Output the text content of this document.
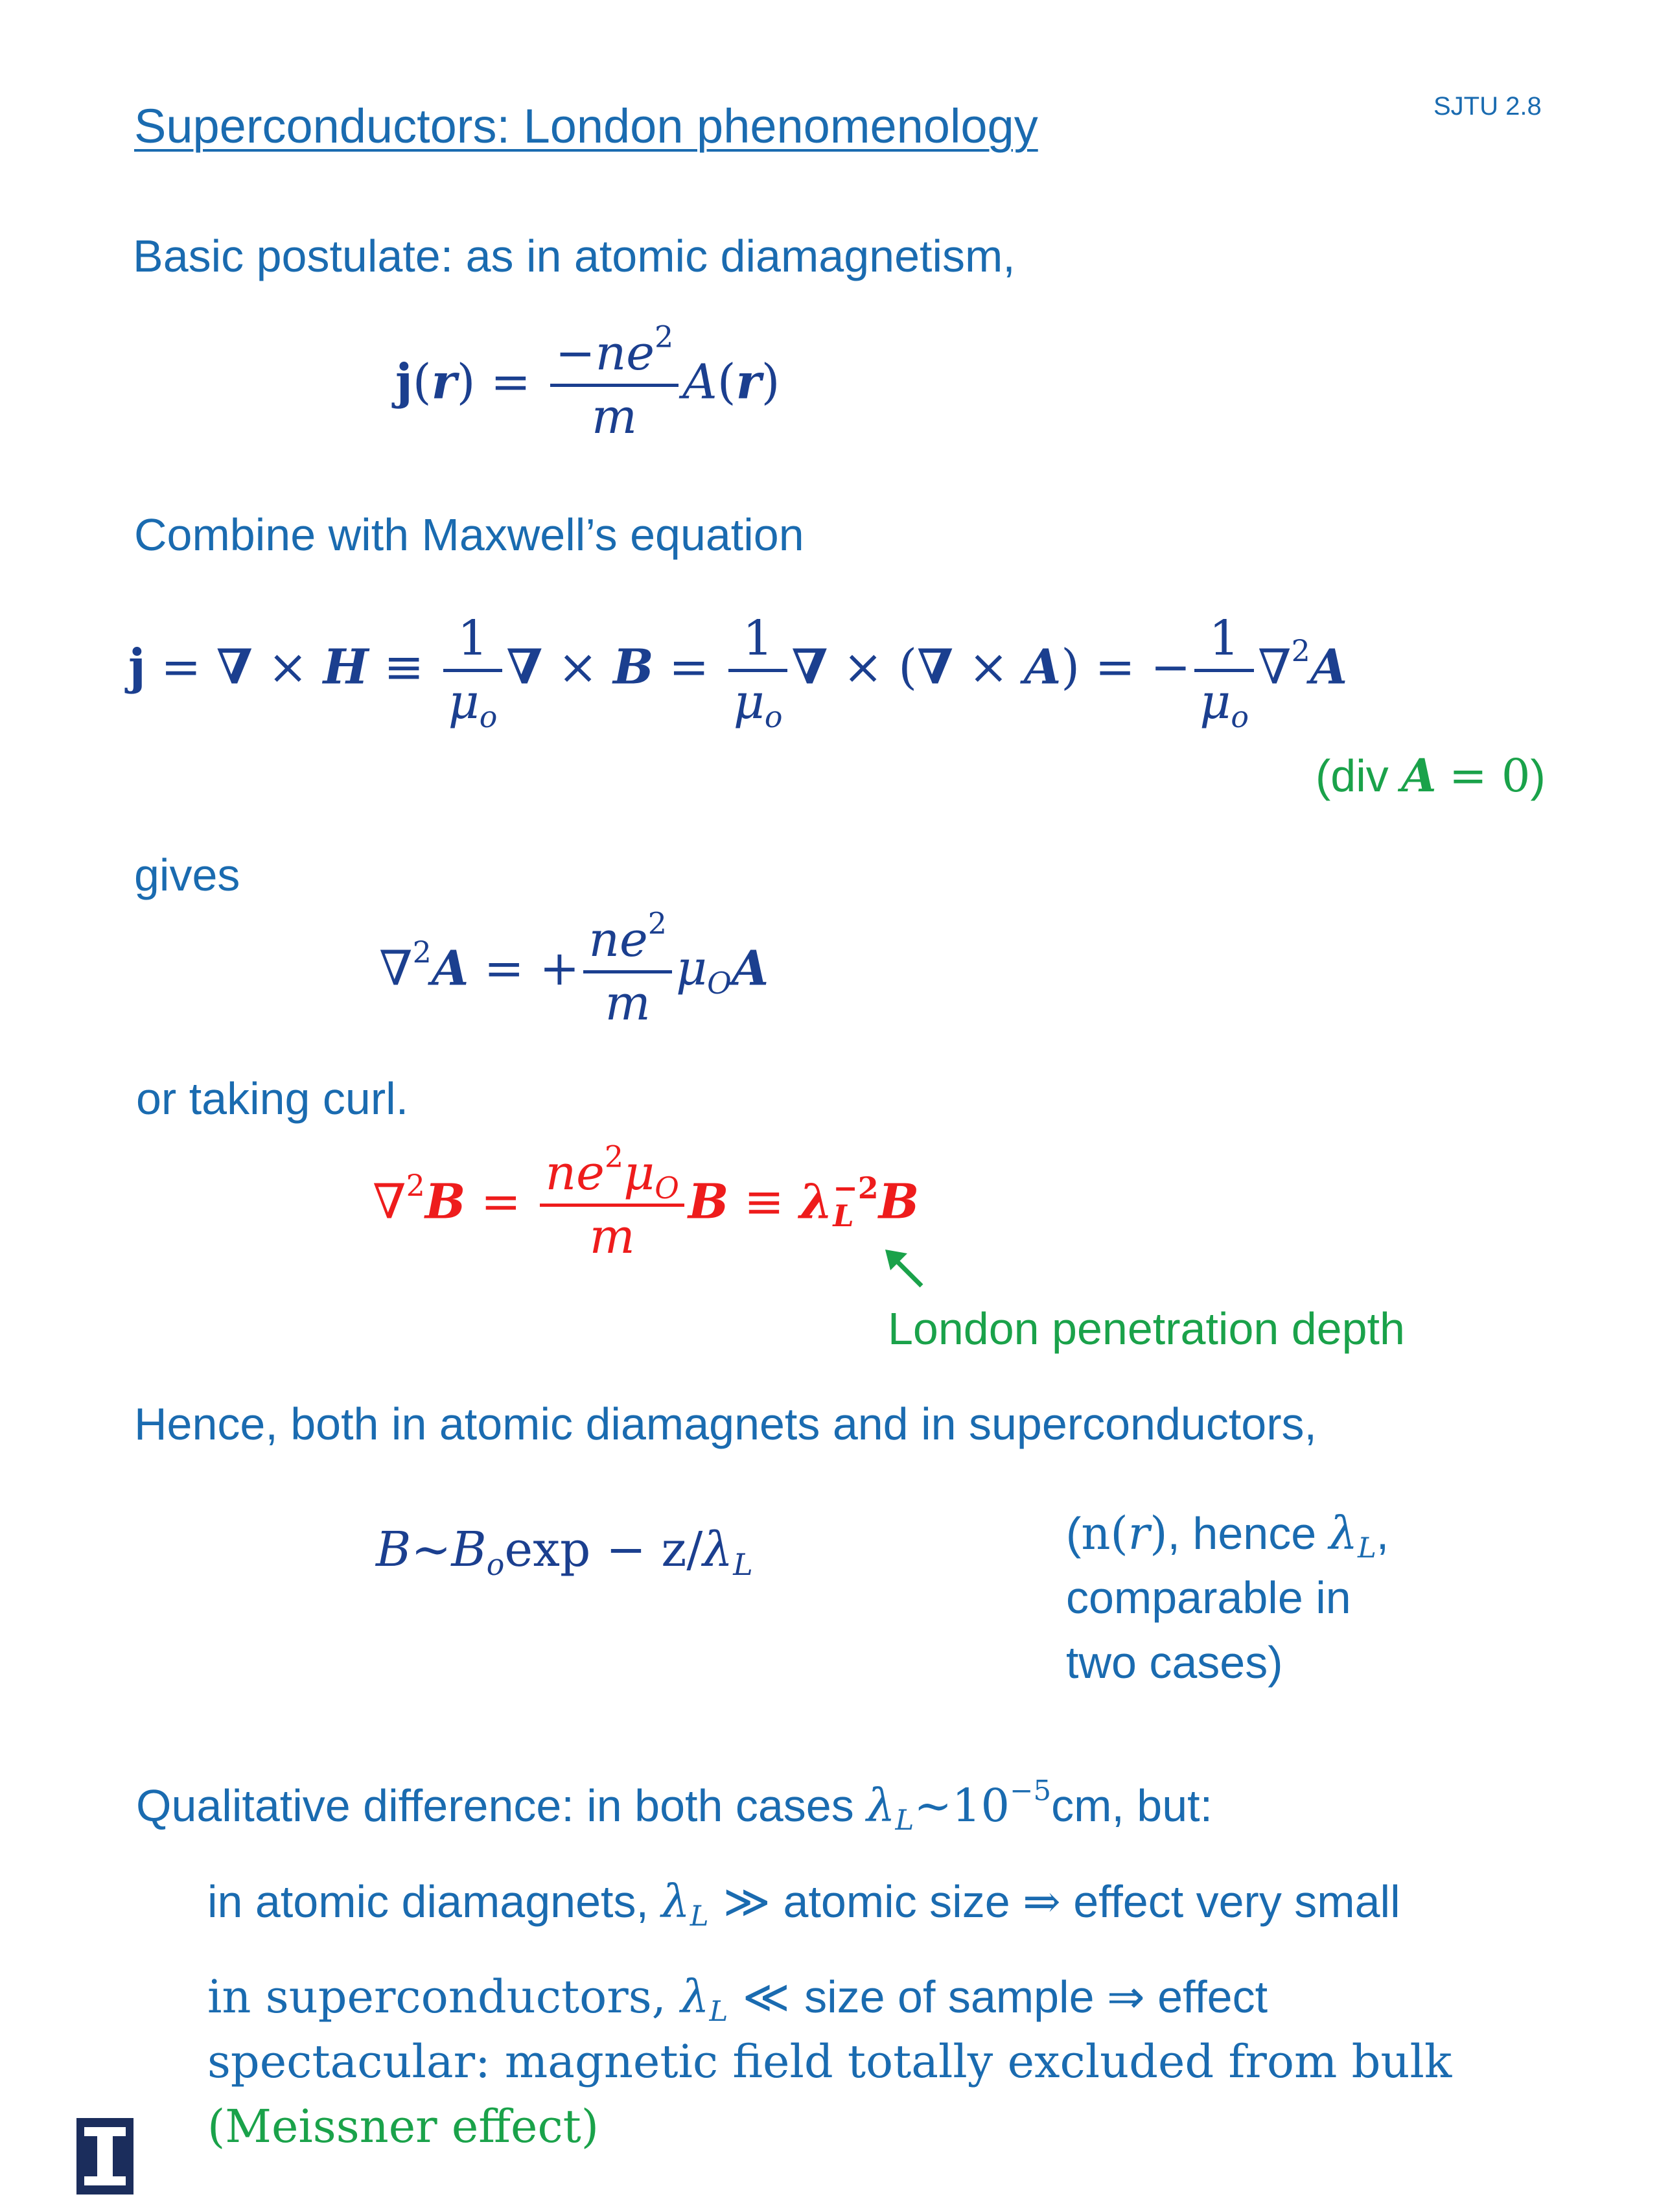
Superconductors: London phenomenology	SJTU 2.8
Basic postulate: as in atomic diamagnetism,
$j(r) = \frac{-ne^2}{m} A(r)$
Combine with Maxwell’s equation
j = ∇ × $H \equiv \frac{1}{\mu_o}$ ∇ × $B = \frac{1}{\mu_o}$ ∇ × (∇ × A) = − $\frac{1}{\mu_o} \nabla^2A$
(div A = 0)
gives
∇$^2$A = + $\frac{ne^2}{m} \mu_OA$
or taking curl.
$\nabla^2B = \frac{ne^2\mu_O}{m}$ B ≡ λ −2
L B
London penetration depth
Hence, both in atomic diamagnets and in superconductors,
$B\sim B_o\exp - z/\lambda_L$
(n(r), hence $\lambda_L$,
comparable in
two cases)
Qualitative difference: in both cases $\lambda_L\sim 10^{-5}cm$, but:
in atomic diamagnets, $\lambda_L$ ≫ atomic size ⇒ effect very small
in superconductors, $\lambda_L$ ≪ size of sample ⇒ effect
spectacular: magnetic field totally excluded from bulk
(Meissner effect)
